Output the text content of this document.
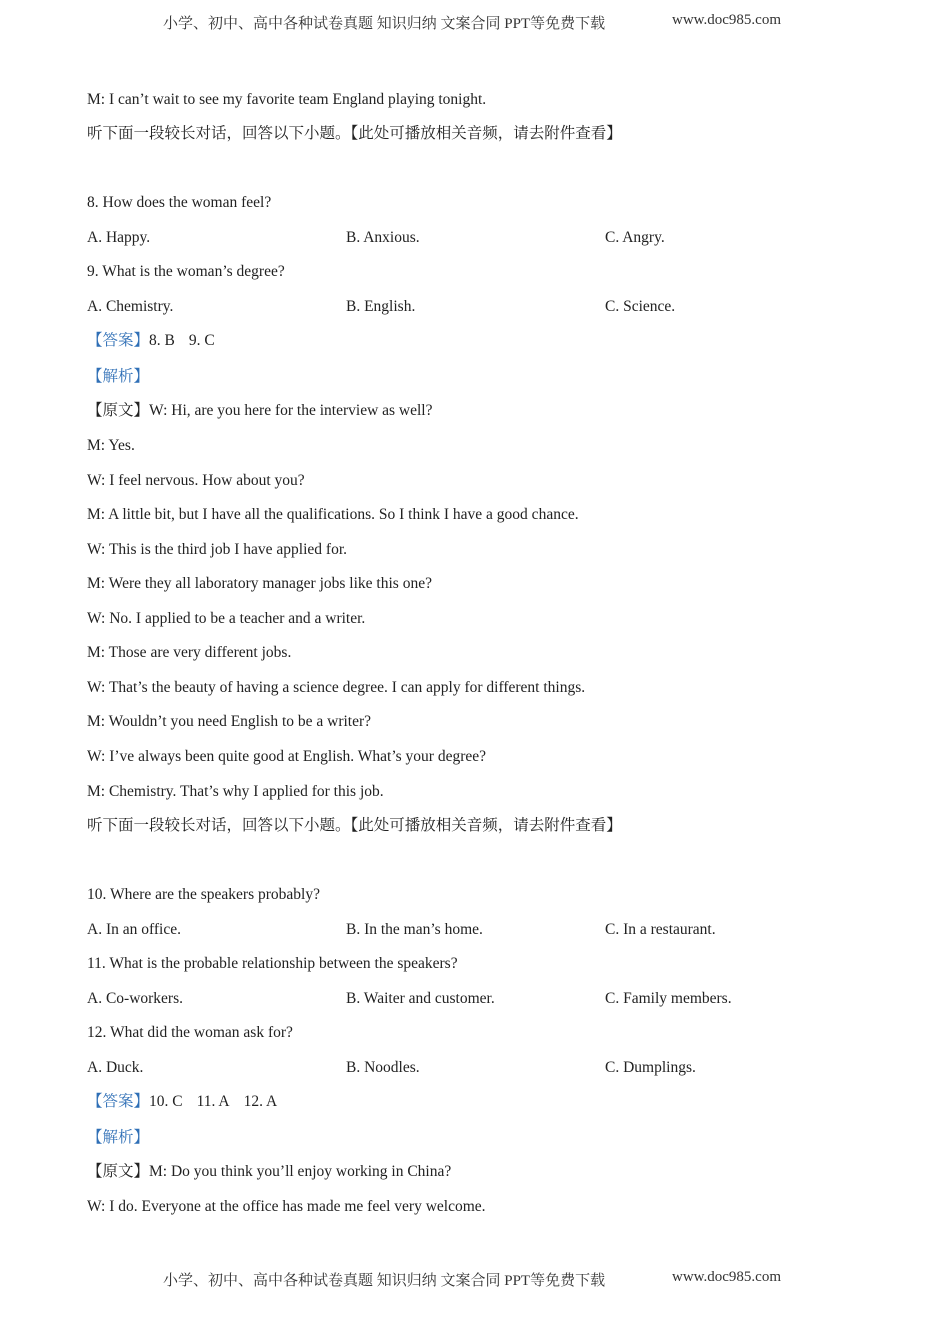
小学、初中、高中各种试卷真题 知识归纳 文案合同 PPT等免费下载	www.doc985.com
M: I can’t wait to see my favorite team England playing tonight.
听下面一段较长对话，回答以下小题。【此处可播放相关音频，请去附件查看】
8. How does the woman feel?
A. Happy.	B. Anxious.	C. Angry.
9. What is the woman’s degree?
A. Chemistry.	B. English.	C. Science.
【答案】8. B 9. C
【解析】
【原文】W: Hi, are you here for the interview as well?
M: Yes.
W: I feel nervous. How about you?
M: A little bit, but I have all the qualifications. So I think I have a good chance.
W: This is the third job I have applied for.
M: Were they all laboratory manager jobs like this one?
W: No. I applied to be a teacher and a writer.
M: Those are very different jobs.
W: That’s the beauty of having a science degree. I can apply for different things.
M: Wouldn’t you need English to be a writer?
W: I’ve always been quite good at English. What’s your degree?
M: Chemistry. That’s why I applied for this job.
听下面一段较长对话，回答以下小题。【此处可播放相关音频，请去附件查看】
10. Where are the speakers probably?
A. In an office.	B. In the man’s home.	C. In a restaurant.
11. What is the probable relationship between the speakers?
A. Co-workers.	B. Waiter and customer.	C. Family members.
12. What did the woman ask for?
A. Duck.	B. Noodles.	C. Dumplings.
【答案】10. C 11. A 12. A
【解析】
【原文】M: Do you think you’ll enjoy working in China?
W: I do. Everyone at the office has made me feel very welcome.
小学、初中、高中各种试卷真题 知识归纳 文案合同 PPT等免费下载	www.doc985.com
